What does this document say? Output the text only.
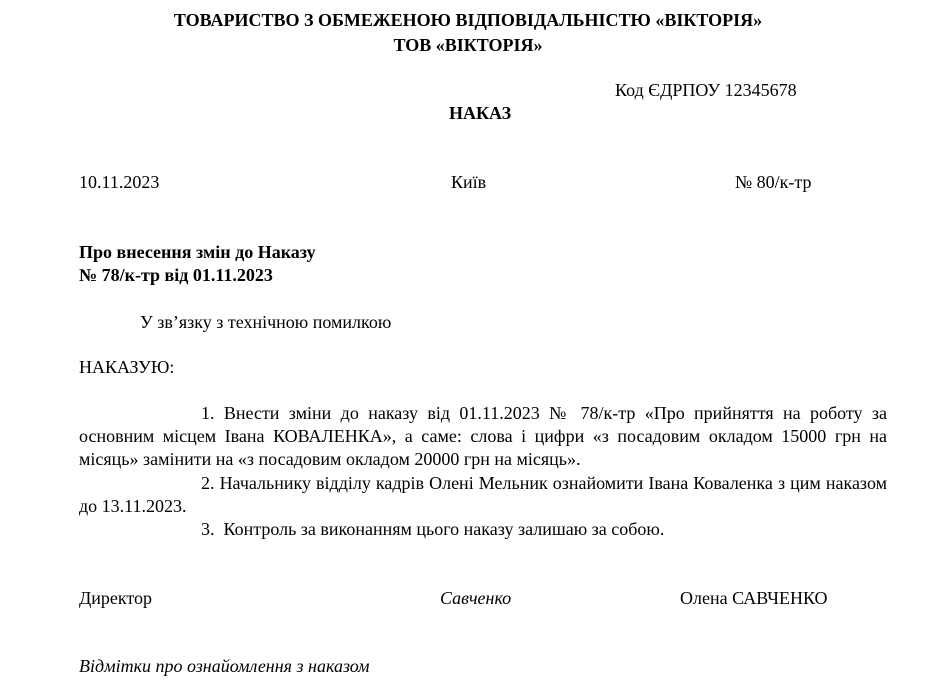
ТОВАРИСТВО З ОБМЕЖЕНОЮ ВІДПОВІДАЛЬНІСТЮ «ВІКТОРІЯ»
ТОВ «ВІКТОРІЯ»
Код ЄДРПОУ 12345678
НАКАЗ
10.11.2023	Київ	№ 80/к-тр
Про внесення змін до Наказу
№ 78/к-тр від 01.11.2023
У зв’язку з технічною помилкою
НАКАЗУЮ:
1. Внести зміни до наказу від 01.11.2023 № 78/к-тр «Про прийняття на роботу за основним місцем Івана КОВАЛЕНКА», а саме: слова і цифри «з посадовим окладом 15000 грн на місяць» замінити на «з посадовим окладом 20000 грн на місяць».
2. Начальнику відділу кадрів Олені Мельник ознайомити Івана Коваленка з цим наказом до 13.11.2023.
3. Контроль за виконанням цього наказу залишаю за собою.
Директор	Савченко	Олена САВЧЕНКО
Відмітки про ознайомлення з наказом
